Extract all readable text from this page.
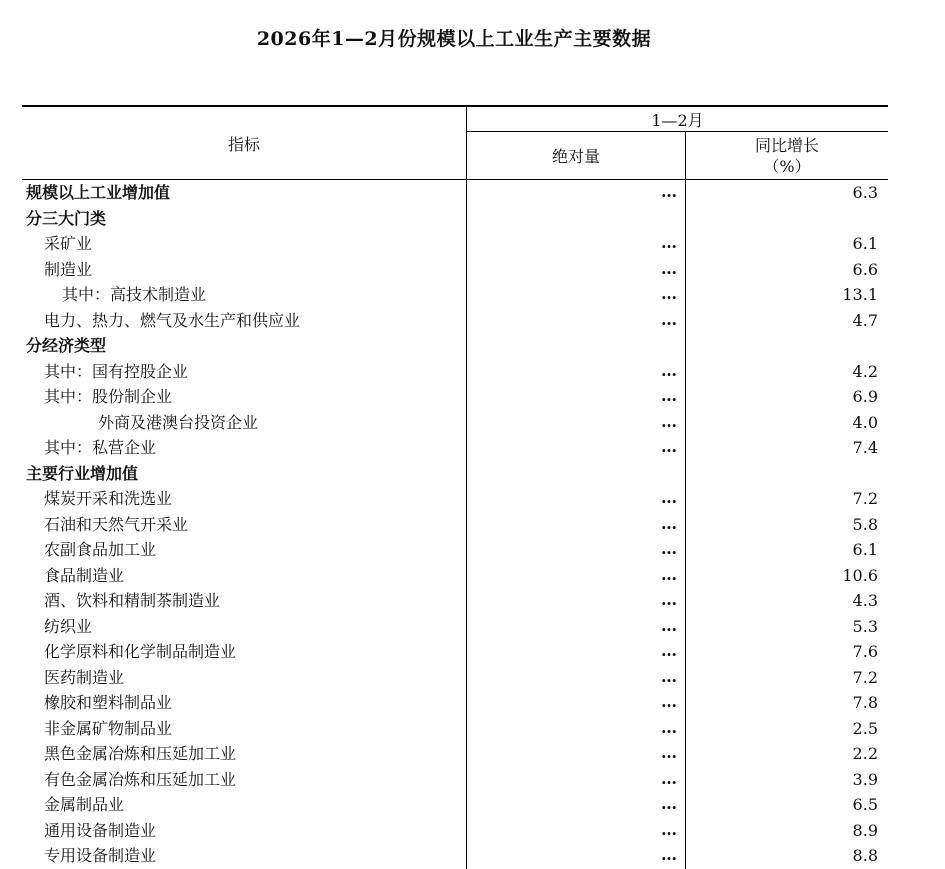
2026年1—2月份规模以上工业生产主要数据
指标
1—2月
绝对量
同比增长
（%）
规模以上工业增加值	…	6.3
分三大门类
采矿业	…	6.1
制造业	…	6.6
其中：高技术制造业	…	13.1
电力、热力、燃气及水生产和供应业	…	4.7
分经济类型
其中：国有控股企业	…	4.2
其中：股份制企业	…	6.9
外商及港澳台投资企业	…	4.0
其中：私营企业	…	7.4
主要行业增加值
煤炭开采和洗选业	…	7.2
石油和天然气开采业	…	5.8
农副食品加工业	…	6.1
食品制造业	…	10.6
酒、饮料和精制茶制造业	…	4.3
纺织业	…	5.3
化学原料和化学制品制造业	…	7.6
医药制造业	…	7.2
橡胶和塑料制品业	…	7.8
非金属矿物制品业	…	2.5
黑色金属冶炼和压延加工业	…	2.2
有色金属冶炼和压延加工业	…	3.9
金属制品业	…	6.5
通用设备制造业	…	8.9
专用设备制造业	…	8.8
